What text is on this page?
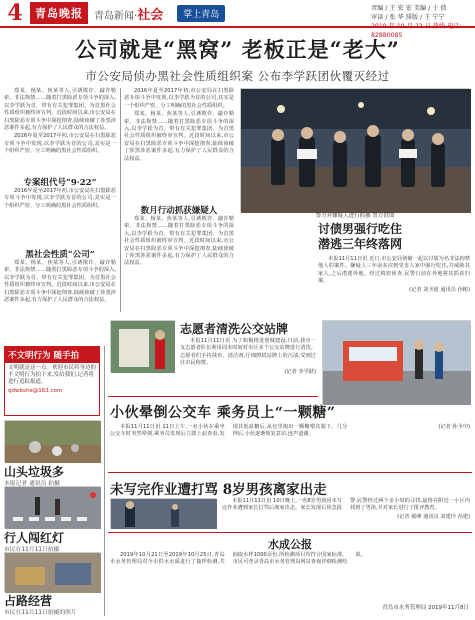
4	青岛晚报	青岛新闻·社会	掌上青岛
责编 / 王 宏 宏 美编 / 于 倩
审读 / 张 华 排版 / 王 宁宁
2019 年 10 月 22 日 热线 电话: 82880085
公司就是“黑窝” 老板正是“老大”
市公安局侦办黑社会性质组织案 公布李学跃团伙覆灭经过

郑某、杨某、焦某等人,引诱欺诈、敲诈勒索、非法拘禁……随着打黑除恶专项斗争的深入,以李学跃为首、带有有关犯罪集团、为首黑社会性质组织被终审宣判。近段时间以来,市公安局在扫黑除恶专项斗争中深挖彻查,陆续侦破了涉黑涉恶案件多起,有力保护了人民群众的合法权益。

2016年夏至2017年初,市公安局在扫黑除恶专项斗争中发现,以李学跃为首的公司,其实是一个组织严密、分工明确的黑社会性质组织。

专案组代号“9·22”

2016年夏至2017年初,市公安局在扫黑除恶专项斗争中发现,以李学跃为首的公司,其实是一个组织严密、分工明确的黑社会性质组织。

黑社会性质“公司”

郑某、杨某、焦某等人,引诱欺诈、敲诈勒索、非法拘禁……随着打黑除恶专项斗争的深入,以李学跃为首、带有有关犯罪集团、为首黑社会性质组织被终审宣判。近段时间以来,市公安局在扫黑除恶专项斗争中深挖彻查,陆续侦破了涉黑涉恶案件多起,有力保护了人民群众的合法权益。

2016年夏至2017年初,市公安局在扫黑除恶专项斗争中发现,以李学跃为首的公司,其实是一个组织严密、分工明确的黑社会性质组织。

郑某、杨某、焦某等人,引诱欺诈、敲诈勒索、非法拘禁……随着打黑除恶专项斗争的深入,以李学跃为首、带有有关犯罪集团、为首黑社会性质组织被终审宣判。近段时间以来,市公安局在扫黑除恶专项斗争中深挖彻查,陆续侦破了涉黑涉恶案件多起,有力保护了人民群众的合法权益。

数月行动抓获嫌疑人

郑某、杨某、焦某等人,引诱欺诈、敲诈勒索、非法拘禁……随着打黑除恶专项斗争的深入,以李学跃为首、带有有关犯罪集团、为首黑社会性质组织被终审宣判。近段时间以来,市公安局在扫黑除恶专项斗争中深挖彻查,陆续侦破了涉黑涉恶案件多起,有力保护了人民群众的合法权益。

警方对嫌疑人进行抓捕 警方供图
讨债男强行吃住
潜逃三年终落网

本报11月11日讯 近日,市公安局侦破一起以讨债为名非法拘禁他人的案件。嫌疑人三年前多次到受害人家中强行吃住,并威胁其家人,之后潜逃外地。经过缜密侦查,民警日前在外地将其抓获归案。

(记者 刘圣迪 通讯员 孙彬)

不文明行为 随手拍
文明就是这一点。欢迎市民将身边的不文明行为拍下来,发给我们,记者将进行追踪报道。
qdwbshe@163.com
山头垃圾多
本报记者 通讯员 拍摄
行人闯红灯
市民在11月11日拍摄
占路经营
市民在11月11日拍摄的照片
志愿者清洗公交站牌

本报11月11日讯 为了积极推进创城建设,日前,我市一支志愿者队伍利用周末时间对市区多个公交站牌进行清洗。志愿者们手持抹布、清洁剂,仔细擦拭站牌上的污渍,受到过往市民称赞。

(记者 李学跃)

小伙晕倒公交车 乘务员上“一颗糖”

本报11月11日讯 11日上午,一名小伙在乘坐公交车时突然晕倒,乘务员发现后立即上前查看,发现其低血糖后,从包里掏出一颗糖喂其服下。几分钟后,小伙逐渐恢复意识,连声道谢。

(记者 孙圣中)

未写完作业遭打骂 8岁男孩离家出走

本报11月11日讯 10日晚上,一名8岁男孩因未写完作业遭到家长打骂后离家出走。家长发现后焦急报警,民警经过两个多小时的寻找,最终在附近一小区内找到了男孩,并对家长进行了批评教育。

(记者 郝峰 通讯员 刘建玲 孙建)

水成公报

2019年10月21日至2019年10月25日,青岛市水务管理局对全市供水水质进行了抽样检测,共抽取水样1000余份,所检测项目均符合国家标准。市民可登录青岛市水务管理局网站查询详细检测结果。

青岛市水务管理局 2019年11月8日
